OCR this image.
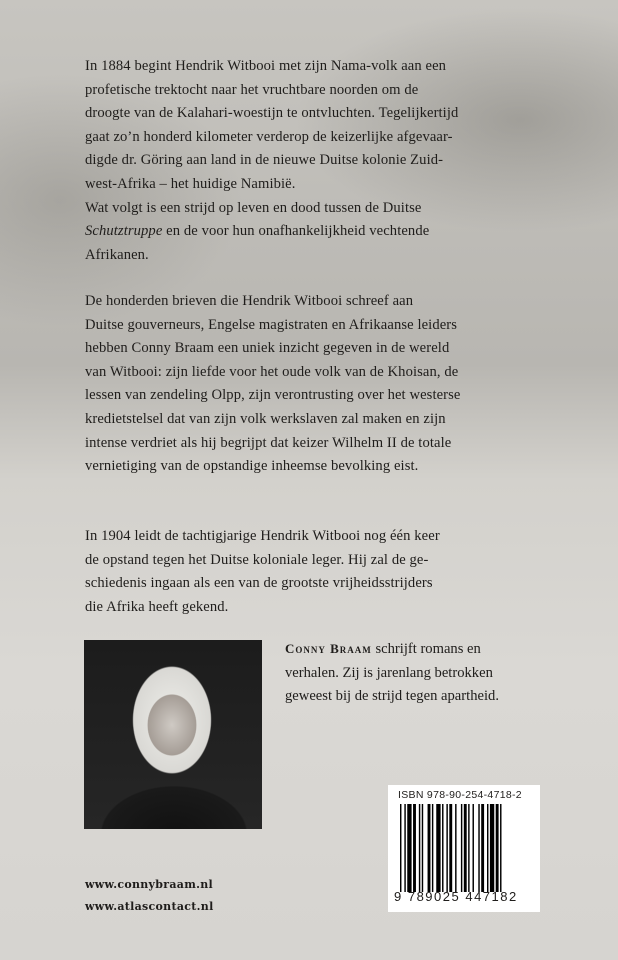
In 1884 begint Hendrik Witbooi met zijn Nama-volk aan een
profetische trektocht naar het vruchtbare noorden om de
droogte van de Kalahari-woestijn te ontvluchten. Tegelijkertijd
gaat zo’n honderd kilometer verderop de keizerlijke afgevaar-
digde dr. Göring aan land in de nieuwe Duitse kolonie Zuid-
west-Afrika – het huidige Namibië.
Wat volgt is een strijd op leven en dood tussen de Duitse
Schutztruppe en de voor hun onafhankelijkheid vechtende
Afrikanen.
De honderden brieven die Hendrik Witbooi schreef aan
Duitse gouverneurs, Engelse magistraten en Afrikaanse leiders
hebben Conny Braam een uniek inzicht gegeven in de wereld
van Witbooi: zijn liefde voor het oude volk van de Khoisan, de
lessen van zendeling Olpp, zijn verontrusting over het westerse
kredietstelsel dat van zijn volk werkslaven zal maken en zijn
intense verdriet als hij begrijpt dat keizer Wilhelm II de totale
vernietiging van de opstandige inheemse bevolking eist.
In 1904 leidt de tachtigjarige Hendrik Witbooi nog één keer
de opstand tegen het Duitse koloniale leger. Hij zal de ge-
schiedenis ingaan als een van de grootste vrijheidsstrijders
die Afrika heeft gekend.
Conny Braam schrijft romans en
verhalen. Zij is jarenlang betrokken
geweest bij de strijd tegen apartheid.
ISBN 978-90-254-4718-2
9 789025 447182
www.connybraam.nl
www.atlascontact.nl
